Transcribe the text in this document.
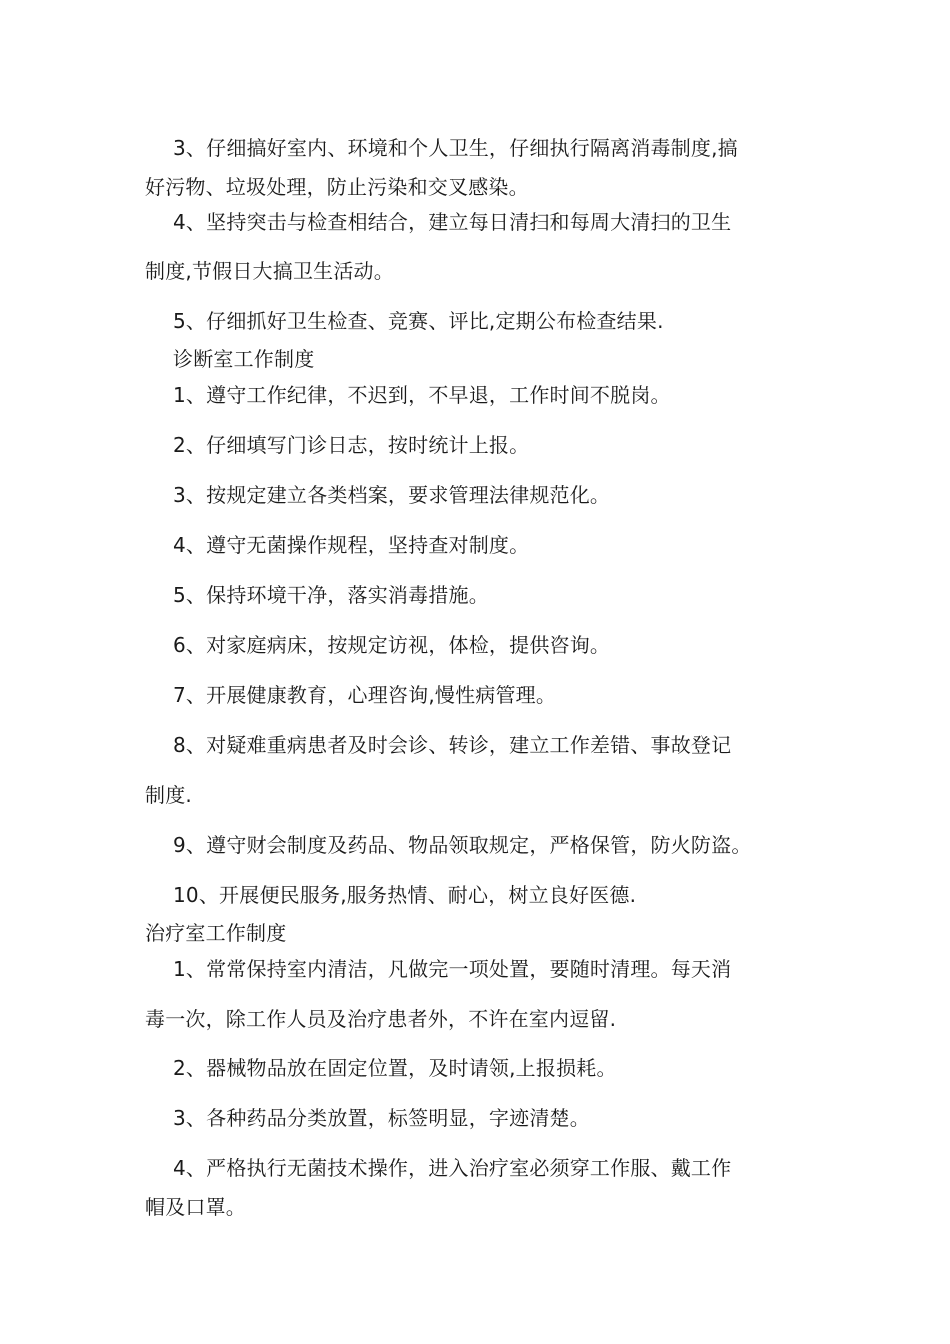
3、仔细搞好室内、环境和个人卫生，仔细执行隔离消毒制度,搞
好污物、垃圾处理，防止污染和交叉感染。
4、坚持突击与检查相结合，建立每日清扫和每周大清扫的卫生
制度,节假日大搞卫生活动。
5、仔细抓好卫生检查、竞赛、评比,定期公布检查结果.
诊断室工作制度
1、遵守工作纪律，不迟到，不早退，工作时间不脱岗。
2、仔细填写门诊日志，按时统计上报。
3、按规定建立各类档案，要求管理法律规范化。
4、遵守无菌操作规程，坚持查对制度。
5、保持环境干净，落实消毒措施。
6、对家庭病床，按规定访视，体检，提供咨询。
7、开展健康教育，心理咨询,慢性病管理。
8、对疑难重病患者及时会诊、转诊，建立工作差错、事故登记
制度.
9、遵守财会制度及药品、物品领取规定，严格保管，防火防盗。
10、开展便民服务,服务热情、耐心，树立良好医德.
治疗室工作制度
1、常常保持室内清洁，凡做完一项处置，要随时清理。每天消
毒一次，除工作人员及治疗患者外，不许在室内逗留.
2、器械物品放在固定位置，及时请领,上报损耗。
3、各种药品分类放置，标签明显，字迹清楚。
4、严格执行无菌技术操作，进入治疗室必须穿工作服、戴工作
帽及口罩。
